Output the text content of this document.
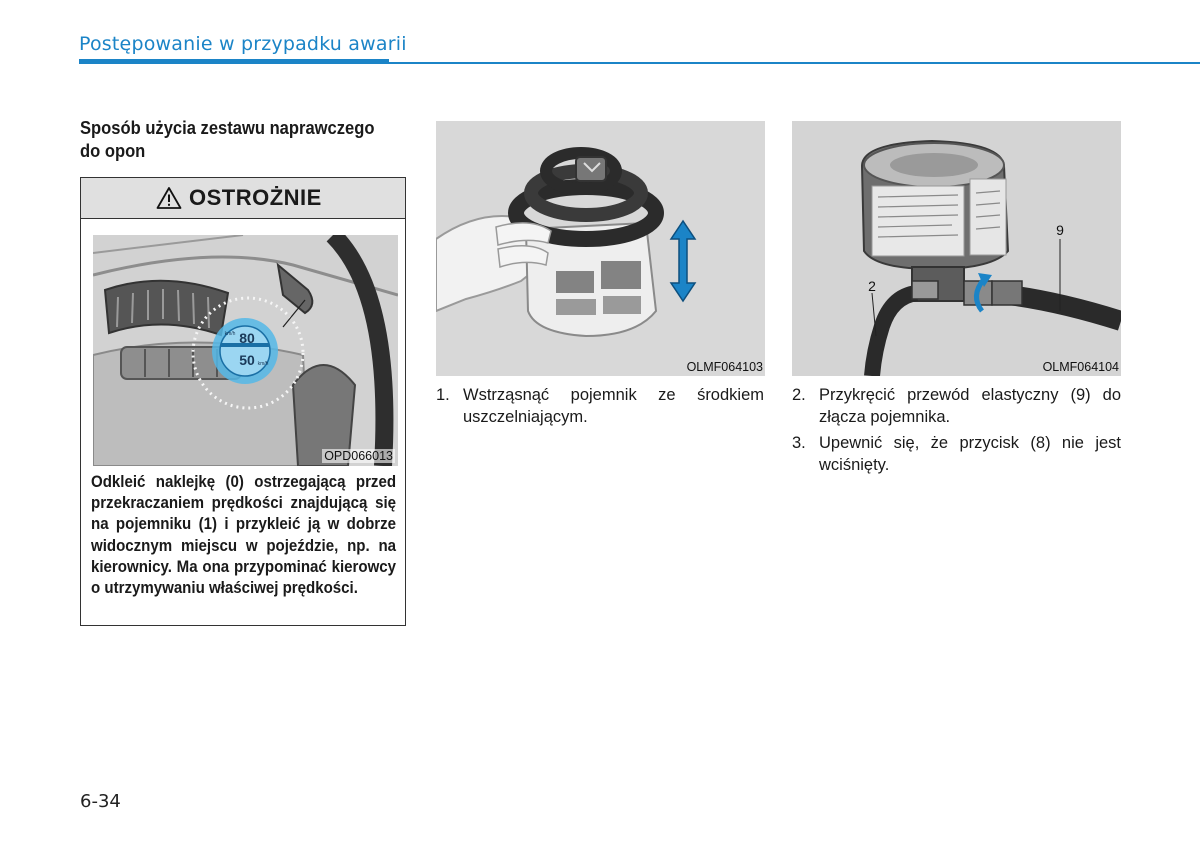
Postępowanie w przypadku awarii
Sposób użycia zestawu naprawczego do opon
OSTROŻNIE
80
50
km/h
km/h
OPD066013
Odkleić naklejkę (0) ostrzegającą przed przekraczaniem prędkości znajdującą się na pojemniku (1) i przykleić ją w dobrze widocznym miejscu w pojeździe, np. na kierownicy. Ma ona przypominać kierowcy o utrzymywaniu właściwej prędkości.
OLMF064103
2
9
OLMF064104
1. Wstrząsnąć pojemnik ze środkiem uszczelniającym.
2. Przykręcić przewód elastyczny (9) do złącza pojemnika.
3. Upewnić się, że przycisk (8) nie jest wciśnięty.
6-34
